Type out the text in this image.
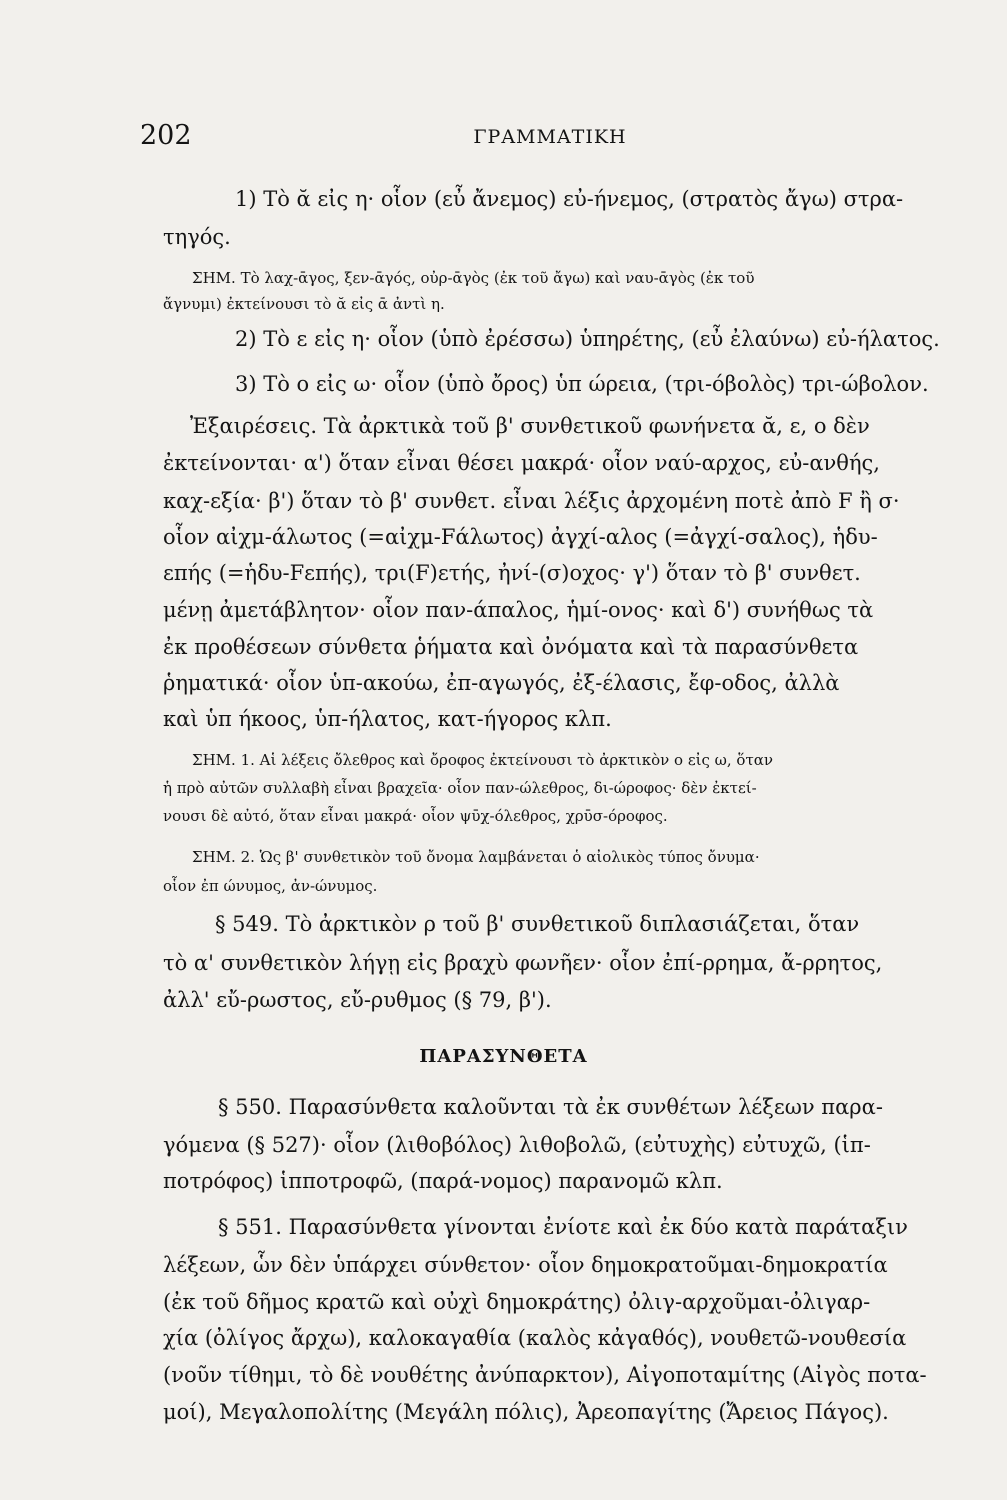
202	ΓΡΑΜΜΑΤΙΚΗ
1) Τὸ ᾰ εἰς η· οἷον (εὖ ἄνεμος) εὐ-ήνεμος, (στρατὸς ἄγω) στρα-
τηγός.
ΣΗΜ. Τὸ λαχ-ᾱγος, ξεν-ᾱγός, οὐρ-ᾱγὸς (ἐκ τοῦ ἄγω) καὶ ναυ-ᾱγὸς (ἐκ τοῦ
ἄγνυμι) ἐκτείνουσι τὸ ᾰ εἰς ᾱ ἀντὶ η.
2) Τὸ ε εἰς η· οἷον (ὑπὸ ἐρέσσω) ὑπηρέτης, (εὖ ἐλαύνω) εὐ-ήλατος.
3) Τὸ ο εἰς ω· οἷον (ὑπὸ ὄρος) ὑπ ώρεια, (τρι-όβολὸς) τρι-ώβολον.
Ἐξαιρέσεις. Τὰ ἀρκτικὰ τοῦ β' συνθετικοῦ φωνήνετα ᾰ, ε, ο δὲν
ἐκτείνονται· α') ὅταν εἶναι θέσει μακρά· οἷον ναύ-αρχος, εὐ-ανθής,
καχ-εξία· β') ὅταν τὸ β' συνθετ. εἶναι λέξις ἀρχομένη ποτὲ ἀπὸ F ἢ σ·
οἷον αἰχμ-άλωτος (=αἰχμ-Fάλωτος) ἀγχί-αλος (=ἀγχί-σαλος), ἡδυ-
επής (=ἡδυ-Fεπής), τρι(F)ετής, ἠνί-(σ)οχος· γ') ὅταν τὸ β' συνθετ.
μένῃ ἀμετάβλητον· οἷον παν-άπαλος, ἡμί-ονος· καὶ δ') συνήθως τὰ
ἐκ προθέσεων σύνθετα ῥήματα καὶ ὀνόματα καὶ τὰ παρασύνθετα
ῥηματικά· οἷον ὑπ-ακούω, ἐπ-αγωγός, ἐξ-έλασις, ἔφ-οδος, ἀλλὰ
καὶ ὑπ ήκοος, ὑπ-ήλατος, κατ-ήγορος κλπ.
ΣΗΜ. 1. Αἱ λέξεις ὄλεθρος καὶ ὄροφος ἐκτείνουσι τὸ ἀρκτικὸν ο εἰς ω, ὅταν
ἡ πρὸ αὐτῶν συλλαβὴ εἶναι βραχεῖα· οἷον παν-ώλεθρος, δι-ώροφος· δὲν ἐκτεί-
νουσι δὲ αὐτό, ὅταν εἶναι μακρά· οἷον ψῡχ-όλεθρος, χρῡσ-όροφος.
ΣΗΜ. 2. Ὡς β' συνθετικὸν τοῦ ὄνομα λαμβάνεται ὁ αἰολικὸς τύπος ὄνυμα·
οἷον ἐπ ώνυμος, ἀν-ώνυμος.
§ 549. Τὸ ἀρκτικὸν ρ τοῦ β' συνθετικοῦ διπλασιάζεται, ὅταν
τὸ α' συνθετικὸν λήγῃ εἰς βραχὺ φωνῆεν· οἷον ἐπί-ρρημα, ἄ-ρρητος,
ἀλλ' εὔ-ρωστος, εὔ-ρυθμος (§ 79, β').
ΠΑΡΑΣΥΝΘΕΤΑ
§ 550. Παρασύνθετα καλοῦνται τὰ ἐκ συνθέτων λέξεων παρα-
γόμενα (§ 527)· οἷον (λιθοβόλος) λιθοβολῶ, (εὐτυχὴς) εὐτυχῶ, (ἱπ-
ποτρόφος) ἱπποτροφῶ, (παρά-νομος) παρανομῶ κλπ.
§ 551. Παρασύνθετα γίνονται ἐνίοτε καὶ ἐκ δύο κατὰ παράταξιν
λέξεων, ὧν δὲν ὑπάρχει σύνθετον· οἷον δημοκρατοῦμαι-δημοκρατία
(ἐκ τοῦ δῆμος κρατῶ καὶ οὐχὶ δημοκράτης) ὀλιγ-αρχοῦμαι-ὀλιγαρ-
χία (ὀλίγος ἄρχω), καλοκαγαθία (καλὸς κἀγαθός), νουθετῶ-νουθεσία
(νοῦν τίθημι, τὸ δὲ νουθέτης ἀνύπαρκτον), Αἰγοποταμίτης (Αἰγὸς ποτα-
μοί), Μεγαλοπολίτης (Μεγάλη πόλις), Ἀρεοπαγίτης (Ἄρειος Πάγος).
